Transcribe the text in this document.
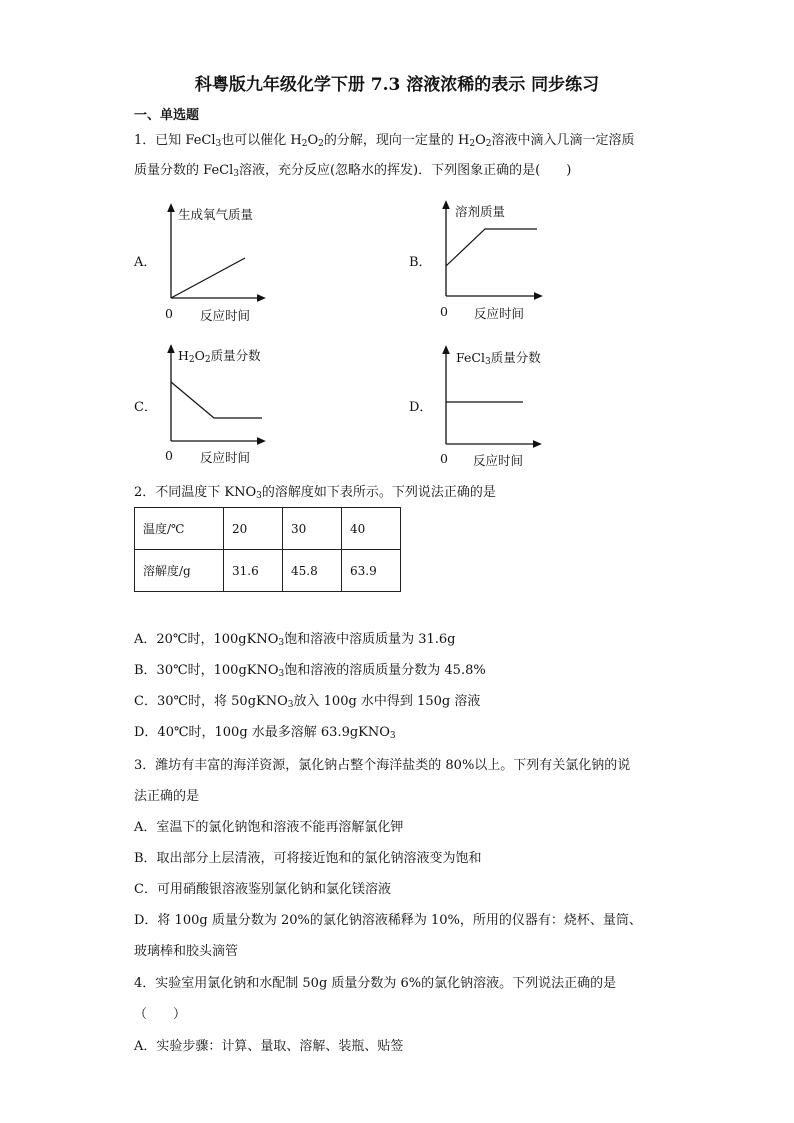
科粤版九年级化学下册 7.3 溶液浓稀的表示 同步练习
一、单选题
1．已知 FeCl$_3$也可以催化 $H_2O_2$的分解，现向一定量的 $H_2O_2$溶液中滴入几滴一定溶质
质量分数的 FeCl$_3$溶液，充分反应(忽略水的挥发)．下列图象正确的是(　　)
A．
生成氧气质量
0 反应时间
B．
溶剂质量
0 反应时间
C．
$H_2O_2$质量分数
0 反应时间
D．
FeCl$_3$质量分数
0 反应时间
2．不同温度下 $KNO_3$的溶解度如下表所示。下列说法正确的是
温度/℃	20	30	40
溶解度/g	31.6	45.8	63.9
A．20℃时，100gKNO$_3$饱和溶液中溶质质量为 31.6g
B．30℃时，100gKNO$_3$饱和溶液的溶质质量分数为 45.8%
C．30℃时，将 50gKNO$_3$放入 100g 水中得到 150g 溶液
D．40℃时，100g 水最多溶解 63.9gKNO$_3$
3．潍坊有丰富的海洋资源，氯化钠占整个海洋盐类的 80%以上。下列有关氯化钠的说
法正确的是
A．室温下的氯化钠饱和溶液不能再溶解氯化钾
B．取出部分上层清液，可将接近饱和的氯化钠溶液变为饱和
C．可用硝酸银溶液鉴别氯化钠和氯化镁溶液
D．将 100g 质量分数为 20%的氯化钠溶液稀释为 10%，所用的仪器有：烧杯、量筒、
玻璃棒和胶头滴管
4．实验室用氯化钠和水配制 50g 质量分数为 6%的氯化钠溶液。下列说法正确的是
（　　）
A．实验步骤：计算、量取、溶解、装瓶、贴签
